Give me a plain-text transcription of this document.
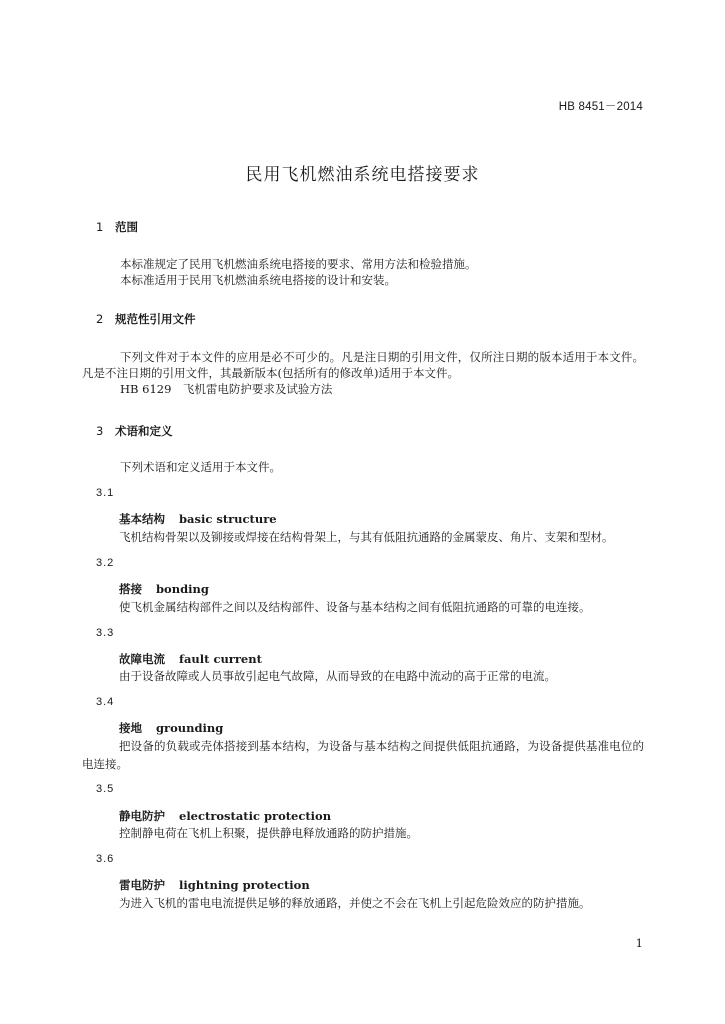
HB 8451－2014
民用飞机燃油系统电搭接要求
1 范围

本标准规定了民用飞机燃油系统电搭接的要求、常用方法和检验措施。

本标准适用于民用飞机燃油系统电搭接的设计和安装。

2 规范性引用文件

下列文件对于本文件的应用是必不可少的。凡是注日期的引用文件，仅所注日期的版本适用于本文件。凡是不注日期的引用文件，其最新版本(包括所有的修改单)适用于本文件。

HB 6129　飞机雷电防护要求及试验方法

3 术语和定义

下列术语和定义适用于本文件。

3.1
基本结构 basic structure

飞机结构骨架以及铆接或焊接在结构骨架上，与其有低阻抗通路的金属蒙皮、角片、支架和型材。

3.2
搭接 bonding

使飞机金属结构部件之间以及结构部件、设备与基本结构之间有低阻抗通路的可靠的电连接。

3.3
故障电流 fault current

由于设备故障或人员事故引起电气故障，从而导致的在电路中流动的高于正常的电流。

3.4
接地 grounding

把设备的负载或壳体搭接到基本结构，为设备与基本结构之间提供低阻抗通路，为设备提供基准电位的电连接。

3.5
静电防护 electrostatic protection

控制静电荷在飞机上积聚，提供静电释放通路的防护措施。

3.6
雷电防护 lightning protection

为进入飞机的雷电电流提供足够的释放通路，并使之不会在飞机上引起危险效应的防护措施。

1
